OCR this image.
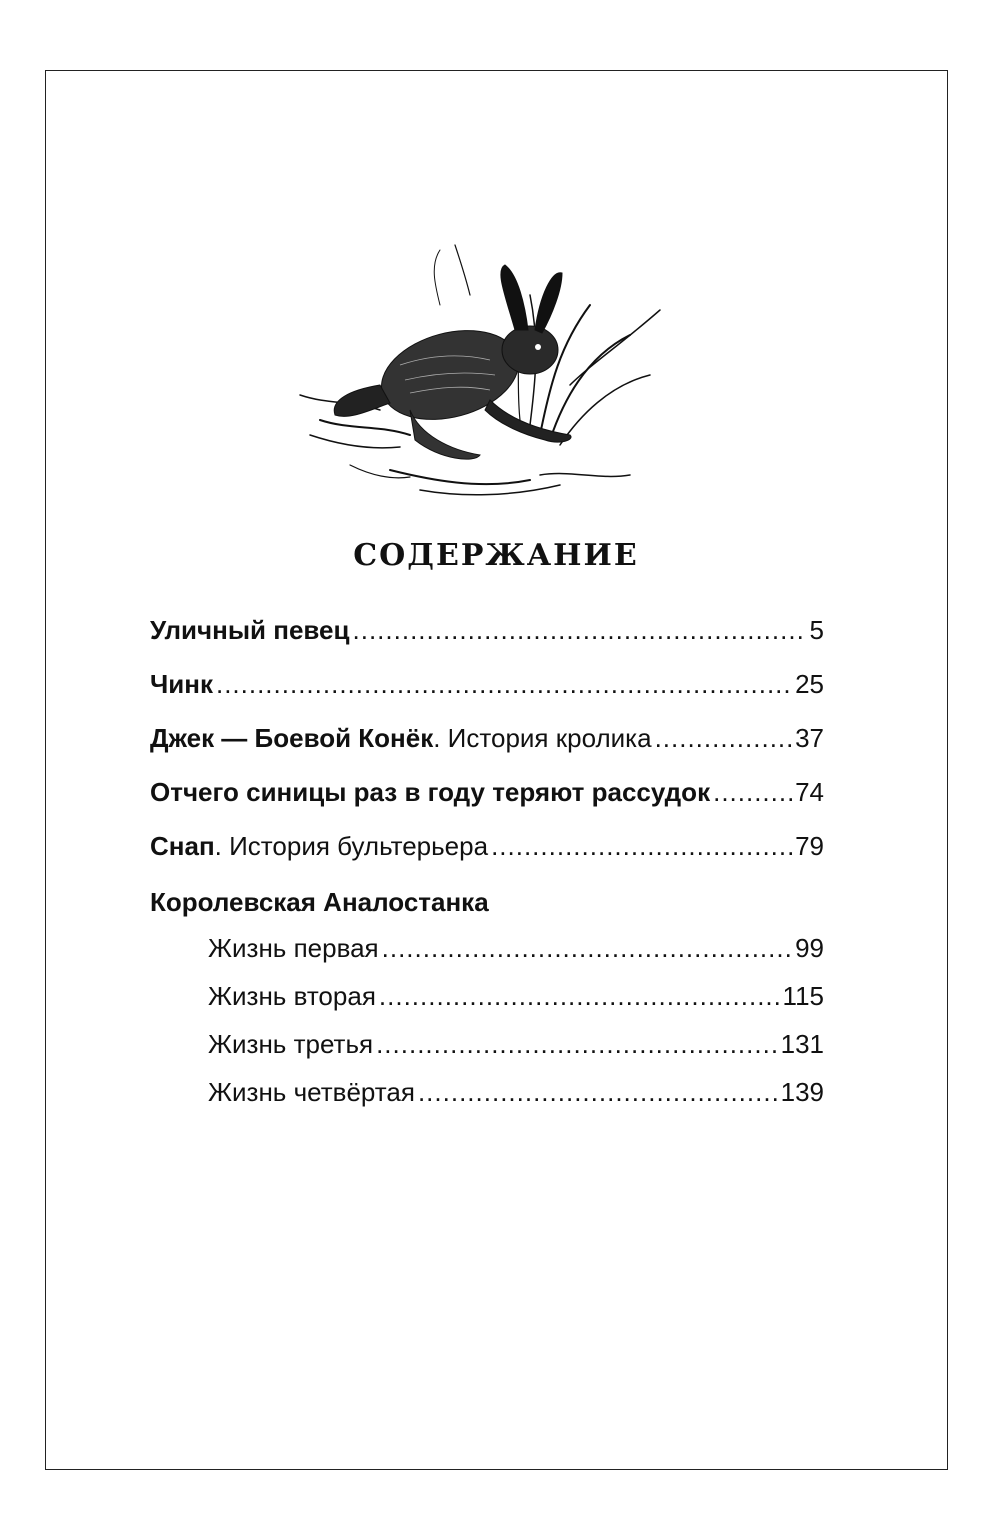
СОДЕРЖАНИЕ
Уличный певец .....	5
Чинк .....	25
Джек — Боевой Конёк. История кролика .....	37
Отчего синицы раз в году теряют рассудок .....	74
Снап. История бультерьера .....	79
Королевская Аналостанка
Жизнь первая .....	99
Жизнь вторая .....	115
Жизнь третья .....	131
Жизнь четвёртая .....	139
